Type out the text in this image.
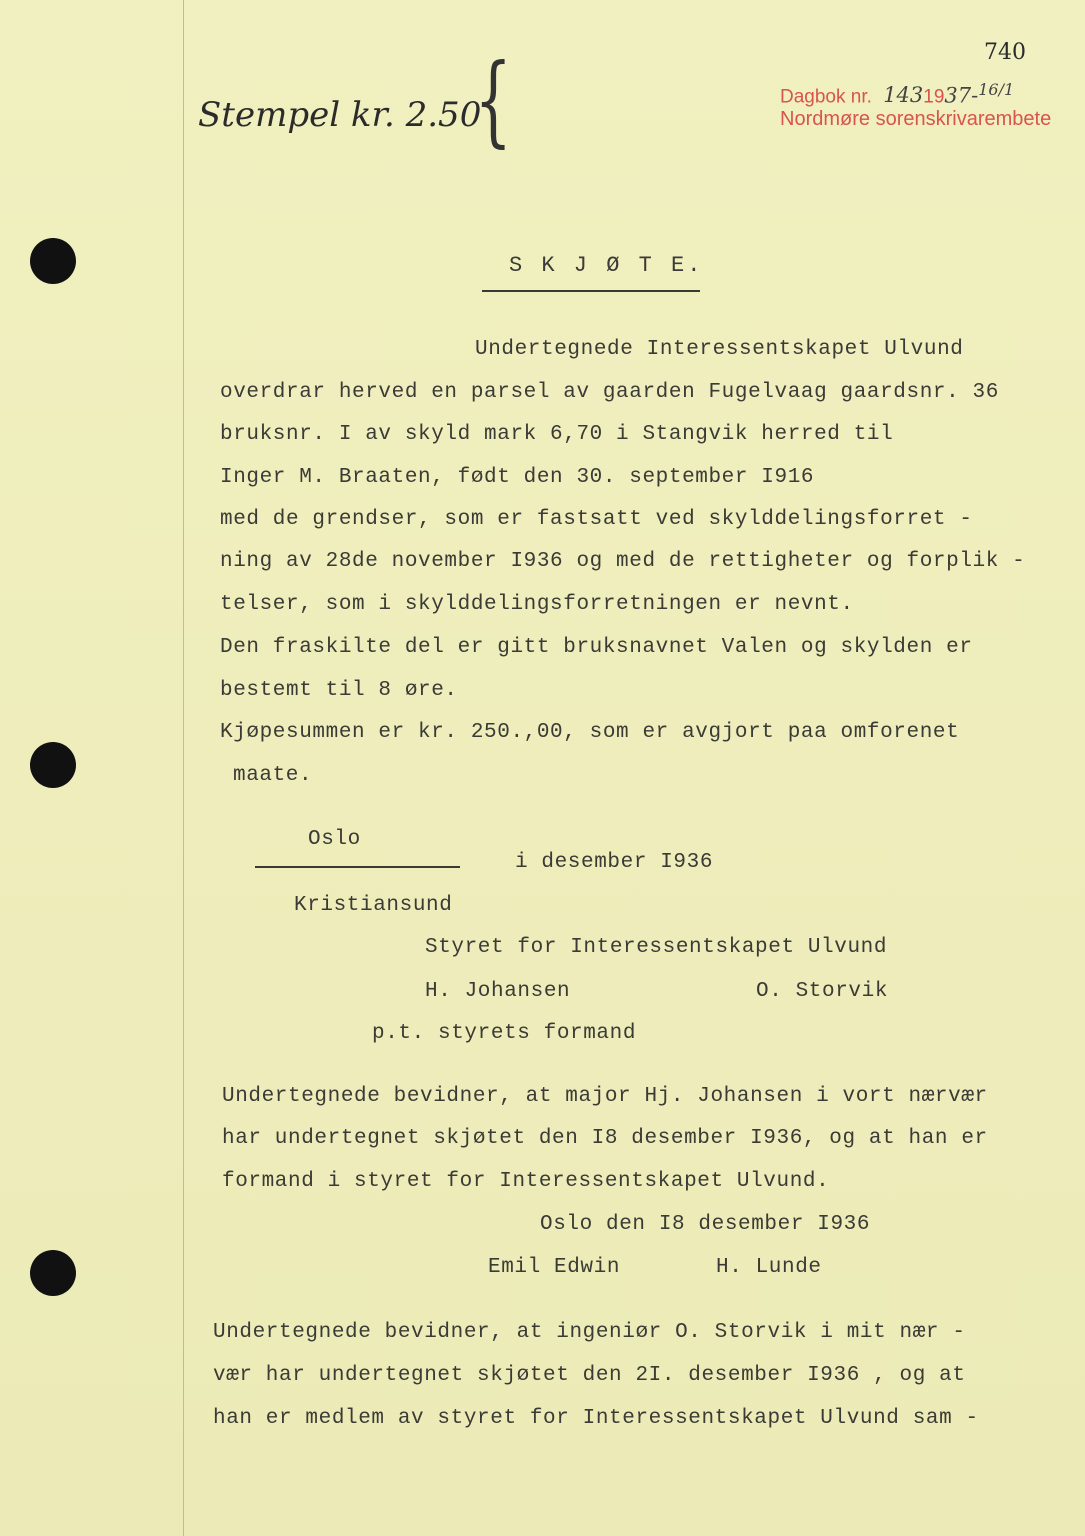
740
Dagbok nr. 1431937-$^{16/1}$
Nordmøre sorenskrivarembete
Stempel kr. 2.50
{
S K J Ø T E.
Undertegnede Interessentskapet Ulvund
overdrar herved en parsel av gaarden Fugelvaag gaardsnr. 36
bruksnr. I av skyld mark 6,70 i Stangvik herred til
Inger M. Braaten, født den 30. september I916
med de grendser, som er fastsatt ved skylddelingsforret -
ning av 28de november I936 og med de rettigheter og forplik -
telser, som i skylddelingsforretningen er nevnt.
Den fraskilte del er gitt bruksnavnet Valen og skylden er
bestemt til 8 øre.
Kjøpesummen er kr. 250.,00, som er avgjort paa omforenet
maate.
Oslo
i desember I936
Kristiansund
Styret for Interessentskapet Ulvund
H. Johansen	O. Storvik
p.t. styrets formand
Undertegnede bevidner, at major Hj. Johansen i vort nærvær
har undertegnet skjøtet den I8 desember I936, og at han er
formand i styret for Interessentskapet Ulvund.
Oslo den I8 desember I936
Emil Edwin	H. Lunde
Undertegnede bevidner, at ingeniør O. Storvik i mit nær -
vær har undertegnet skjøtet den 2I. desember I936 , og at
han er medlem av styret for Interessentskapet Ulvund sam -
